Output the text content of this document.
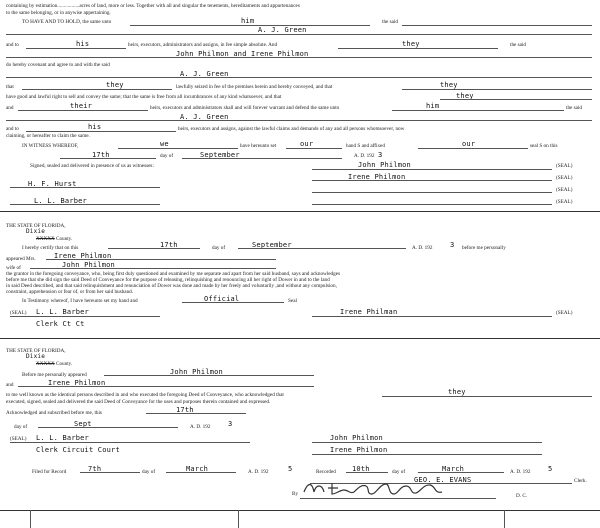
containing by estimation.................acres of land, more or less. Together with all and singular the tenements, hereditaments and appurtenances
to the same belonging, or in anywise appertaining.
TO HAVE AND TO HOLD, the same unto	him	the said
A. J. Green
and to	his	heirs, executors, administrators and assigns, in fee simple absolute. And	they	the said
John Philmon and Irene Philmon
do hereby covenant and agree to and with the said
A. J. Green
that	they	lawfully seized in fee of the premises herein and hereby conveyed, and that	they
have good and lawful right to sell and convey the same; that the same is free from all incumbrances of any kind whatsoever, and that	they
and	their	heirs, executors and administrators shall and will forever warrant and defend the same unto	him	the said
A. J. Green
and to	his	heirs, executors and assigns, against the lawful claims and demands of any and all persons whomsoever, now
claiming, or hereafter to claim the same.
IN WITNESS WHEREOF,	we	have hereunto set	our	hand S and affixed	our	seal S on this
17th	day of	September	A. D. 192 3
Signed, sealed and delivered in presence of us as witnesses:	John Philmon	(SEAL)
Irene Philmon	(SEAL)
(SEAL)
(SEAL)
H. F. Hurst
L. L. Barber
THE STATE OF FLORIDA,
Dixie
XXXXX County.
I hereby certify that on this	17th	day of	September	A. D. 192	3 before me personally
appeared Mrs.	Irene Philmon
wife of	John Philmon
the grantor in the foregoing conveyance, who, being first duly questioned and examined by me separate and apart from her said husband, says and acknowledges
before me that she did sign the said Deed of Conveyance for the purpose of releasing, relinquishing and renouncing all her right of Dower in and to the land
in said Deed described, and that said relinquishment and renunciation of Dower was done and made by her freely and voluntarily ,and without any compulsion,
constraint, apprehension or fear of, or from her said husband.
In Testimony whereof, I have hereunto set my hand and	Official	Seal
(SEAL) L. L. Barber
Clerk Ct Ct
Irene Philman	(SEAL)
THE STATE OF FLORIDA,
Dixie
XXXXX County.
Before me personally appeared	John Philmon
and	Irene Philmon
to me well known as the identical persons described in and who executed the foregoing Deed of Conveyance, who acknowledged that	they
executed, signed, sealed and delivered the said Deed of Conveyance for the uses and purposes therein contained and expressed.
Acknowledged and subscribed before me, this	17th
day of	Sept	A. D. 192	3
(SEAL) L. L. Barber
Clerk Circuit Court
John Philmon
Irene Philmon
Filed for Record	7th	day of	March	A. D. 192	5	Recorded 10th	day of	March	A. D. 192	5
GEO. E. EVANS	Clerk.
By	D. C.
